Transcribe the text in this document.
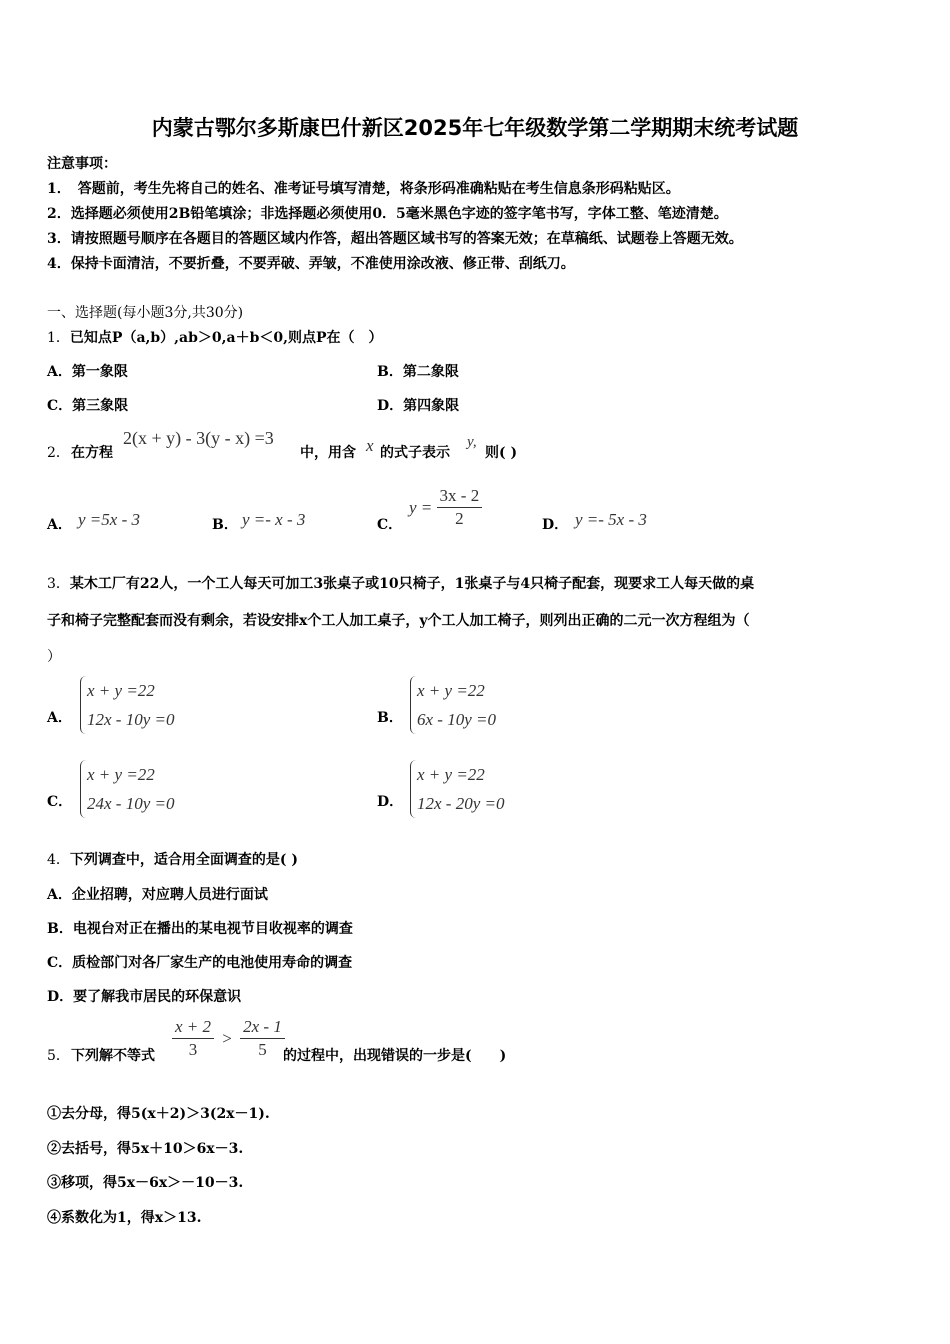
内蒙古鄂尔多斯康巴什新区2025年七年级数学第二学期期末统考试题
注意事项：
1．　答题前，考生先将自己的姓名、准考证号填写清楚，将条形码准确粘贴在考生信息条形码粘贴区。
2．选择题必须使用2B铅笔填涂；非选择题必须使用0．5毫米黑色字迹的签字笔书写，字体工整、笔迹清楚。
3．请按照题号顺序在各题目的答题区域内作答，超出答题区域书写的答案无效；在草稿纸、试题卷上答题无效。
4．保持卡面清洁，不要折叠，不要弄破、弄皱，不准使用涂改液、修正带、刮纸刀。
一、选择题(每小题3分,共30分)
1．已知点P（a,b）,ab＞0,a＋b＜0,则点P在（　）
A．第一象限	B．第二象限
C．第三象限	D．第四象限
2． 在方程
2(x + y) - 3(y - x) =3
中，用含 x 的式子表示
y,
则( )
A． y =5x - 3	B． y =- x - 3	C．
$y = \frac{3x - 2}{2}$	D． y =- 5x - 3
3．某木工厂有22人，一个工人每天可加工3张桌子或10只椅子，1张桌子与4只椅子配套，现要求工人每天做的桌
子和椅子完整配套而没有剩余，若设安排x个工人加工桌子，y个工人加工椅子，则列出正确的二元一次方程组为（
）
A．
x + y =22
12x - 10y =0	B．
x + y =22
6x - 10y =0
C．
x + y =22
24x - 10y =0	D．
x + y =22
12x - 20y =0
4．下列调查中，适合用全面调查的是( )
A．企业招聘，对应聘人员进行面试
B．电视台对正在播出的某电视节目收视率的调查
C．质检部门对各厂家生产的电池使用寿命的调查
D．要了解我市居民的环保意识
5． 下列解不等式 $\frac{x + 2}{3} > \frac{2x - 1}{5}$
的过程中，出现错误的一步是(　　)
①去分母，得5(x＋2)＞3(2x－1).
②去括号，得5x＋10＞6x－3.
③移项，得5x－6x＞－10－3.
④系数化为1，得x＞13.
